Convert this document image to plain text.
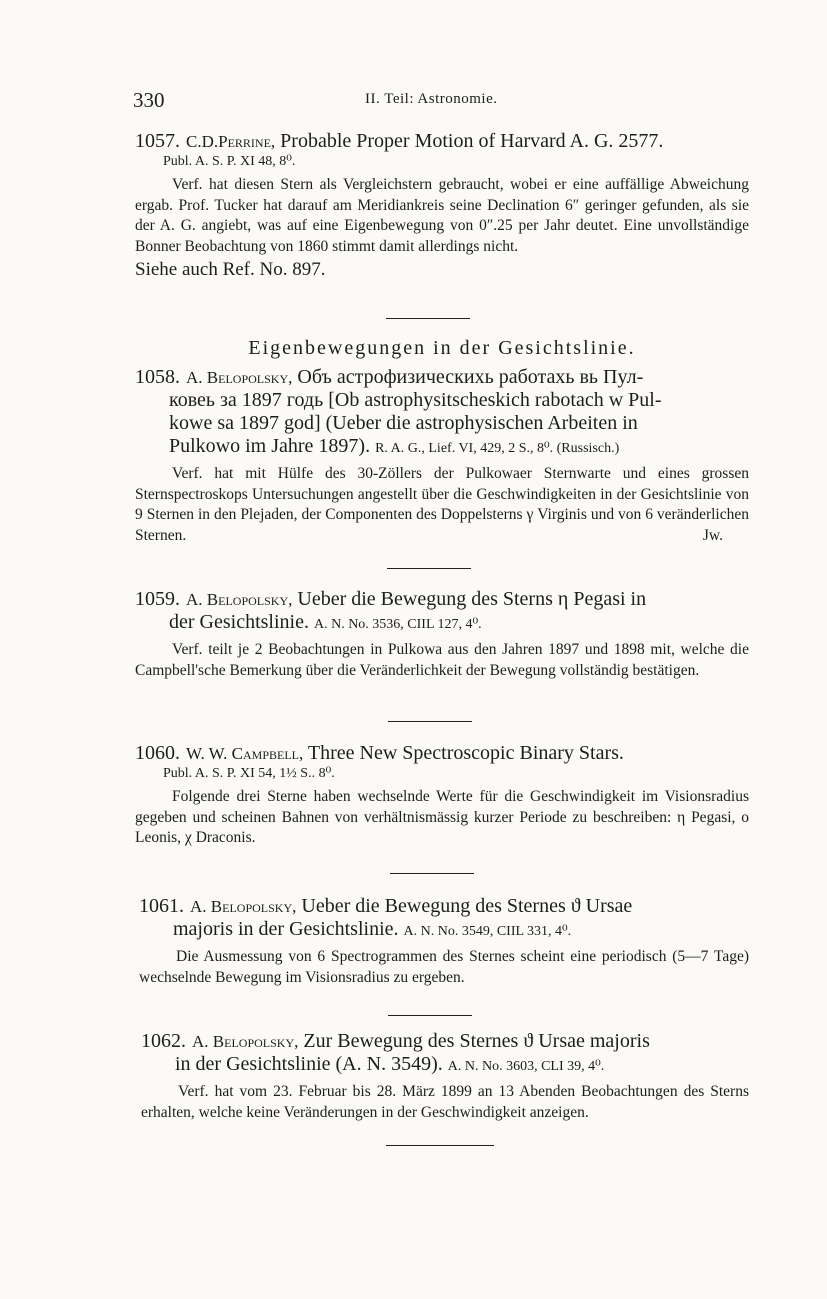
330	II. Teil: Astronomie.
1057. C.D.Perrine, Probable Proper Motion of Harvard A. G. 2577.
Publ. A. S. P. XI 48, 8⁰.

Verf. hat diesen Stern als Vergleichstern gebraucht, wobei er eine auffällige Abweichung ergab. Prof. Tucker hat darauf am Meridiankreis seine Declination 6″ geringer gefunden, als sie der A. G. angiebt, was auf eine Eigenbewegung von 0″.25 per Jahr deutet. Eine unvollständige Bonner Beobachtung von 1860 stimmt damit allerdings nicht.

Siehe auch Ref. No. 897.
Eigenbewegungen in der Gesichtslinie.
1058. A. Belopolsky, Объ астрофизическихь работахь вь Пул-
ковеь за 1897 годь [Ob astrophysitscheskich rabotach w Pul-
kowe sa 1897 god] (Ueber die astrophysischen Arbeiten in
Pulkowo im Jahre 1897). R. A. G., Lief. VI, 429, 2 S., 8⁰. (Russisch.)

Verf. hat mit Hülfe des 30-Zöllers der Pulkowaer Sternwarte und eines grossen Sternspectroskops Untersuchungen angestellt über die Geschwindigkeiten in der Gesichtslinie von 9 Sternen in den Plejaden, der Componenten des Doppelsterns γ Virginis und von 6 veränderlichen Sternen.	Jw.

1059. A. Belopolsky, Ueber die Bewegung des Sterns η Pegasi in
der Gesichtslinie. A. N. No. 3536, CIIL 127, 4⁰.

Verf. teilt je 2 Beobachtungen in Pulkowa aus den Jahren 1897 und 1898 mit, welche die Campbell'sche Bemerkung über die Veränderlichkeit der Bewegung vollständig bestätigen.

1060. W. W. Campbell, Three New Spectroscopic Binary Stars.
Publ. A. S. P. XI 54, 1½ S.. 8⁰.

Folgende drei Sterne haben wechselnde Werte für die Geschwindigkeit im Visionsradius gegeben und scheinen Bahnen von verhältnismässig kurzer Periode zu beschreiben: η Pegasi, ο Leonis, χ Draconis.

1061. A. Belopolsky, Ueber die Bewegung des Sternes ϑ Ursae
majoris in der Gesichtslinie. A. N. No. 3549, CIIL 331, 4⁰.

Die Ausmessung von 6 Spectrogrammen des Sternes scheint eine periodisch (5—7 Tage) wechselnde Bewegung im Visionsradius zu ergeben.

1062. A. Belopolsky, Zur Bewegung des Sternes ϑ Ursae majoris
in der Gesichtslinie (A. N. 3549). A. N. No. 3603, CLI 39, 4⁰.

Verf. hat vom 23. Februar bis 28. März 1899 an 13 Abenden Beobachtungen des Sterns erhalten, welche keine Veränderungen in der Geschwindigkeit anzeigen.
